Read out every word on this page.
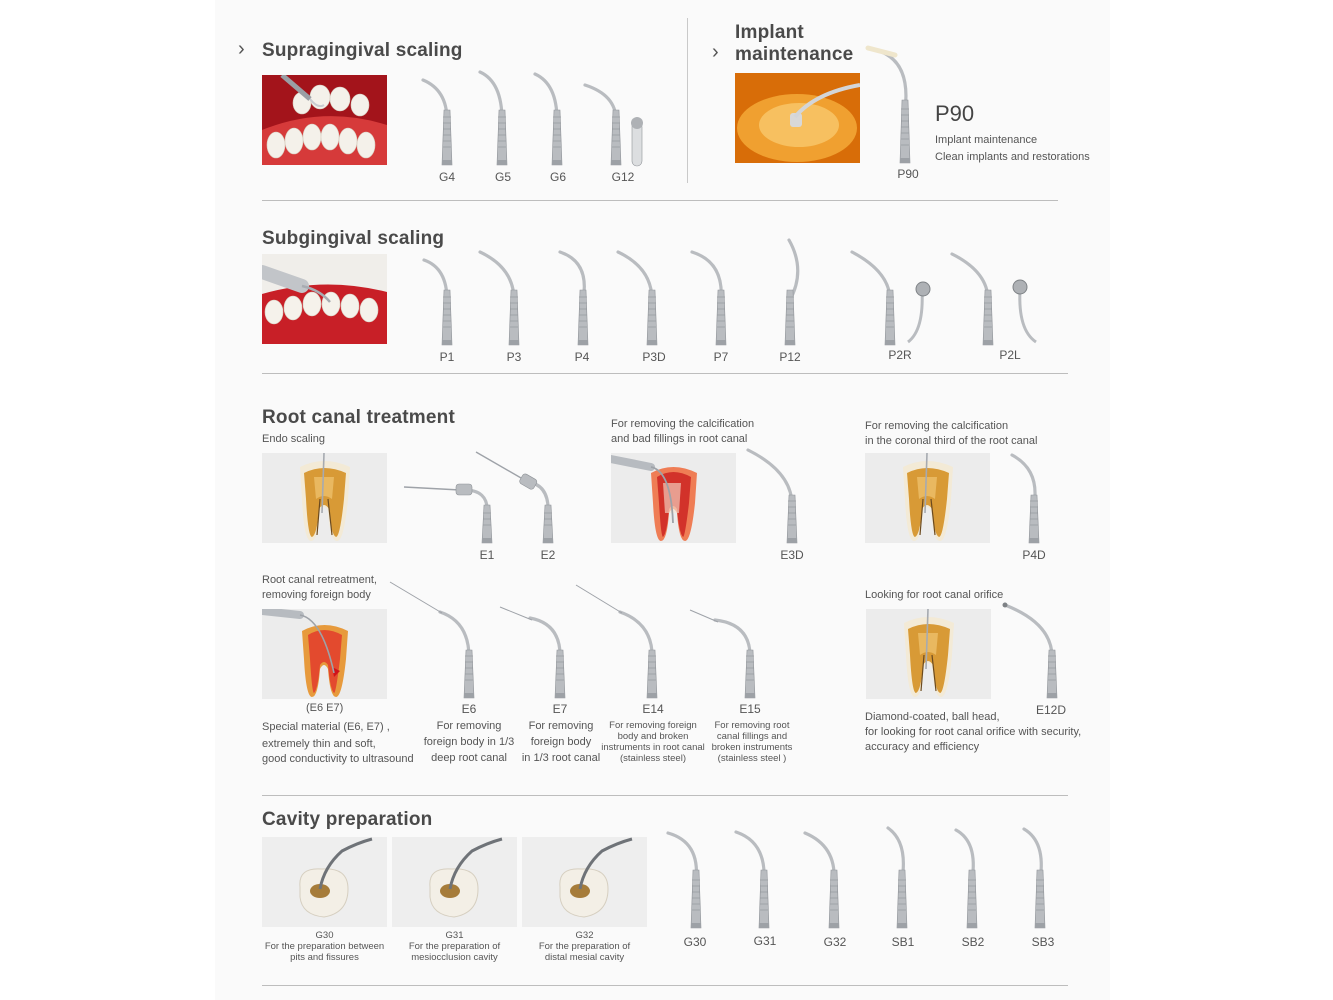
› Supragingival scaling
G4	G5	G6	G12
›
Implant
maintenance
P90
Implant maintenance
Clean implants and restorations
P90
Subgingival scaling
P1	P3	P4	P3D	P7	P12	P2R	P2L
Root canal treatment
Endo scaling
E1	E2
For removing the calcification
and bad fillings in root canal
E3D
For removing the calcification
in the coronal third of the root canal
P4D
Root canal retreatment,
removing foreign body
(E6 E7)
Special material (E6, E7) ,
extremely thin and soft,
good conductivity to ultrasound
E6
For removing
foreign body in 1/3
deep root canal
E7
For removing
foreign body
in 1/3 root canal
E14
For removing foreign
body and broken
instruments in root canal
(stainless steel)
E15
For removing root
canal fillings and
broken instruments
(stainless steel )
Looking for root canal orifice
E12D
Diamond-coated, ball head,
for looking for root canal orifice with security,
accuracy and efficiency
Cavity preparation
G30
For the preparation between
pits and fissures
G31
For the preparation of
mesiocclusion cavity
G32
For the preparation of
distal mesial cavity
G30	G31	G32	SB1	SB2	SB3
